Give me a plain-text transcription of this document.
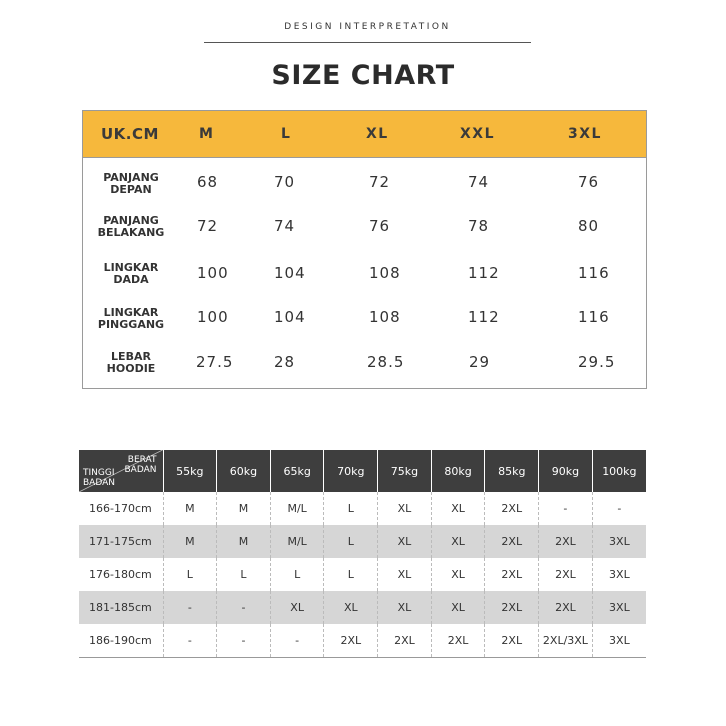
DESIGN INTERPRETATION
SIZE CHART
UK.CM	M	L	XL	XXL	3XL
PANJANG
DEPAN	68	70	72	74	76
PANJANG
BELAKANG	72	74	76	78	80
LINGKAR
DADA	100	104	108	112	116
LINGKAR
PINGGANG	100	104	108	112	116
LEBAR
HOODIE	27.5	28	28.5	29	29.5
BERAT
BADAN
TINGGI
BADAN	55kg	60kg	65kg	70kg	75kg	80kg	85kg	90kg	100kg
166-170cm	M	M	M/L	L	XL	XL	2XL	-	-
171-175cm	M	M	M/L	L	XL	XL	2XL	2XL	3XL
176-180cm	L	L	L	L	XL	XL	2XL	2XL	3XL
181-185cm	-	-	XL	XL	XL	XL	2XL	2XL	3XL
186-190cm	-	-	-	2XL	2XL	2XL	2XL	2XL/3XL	3XL
